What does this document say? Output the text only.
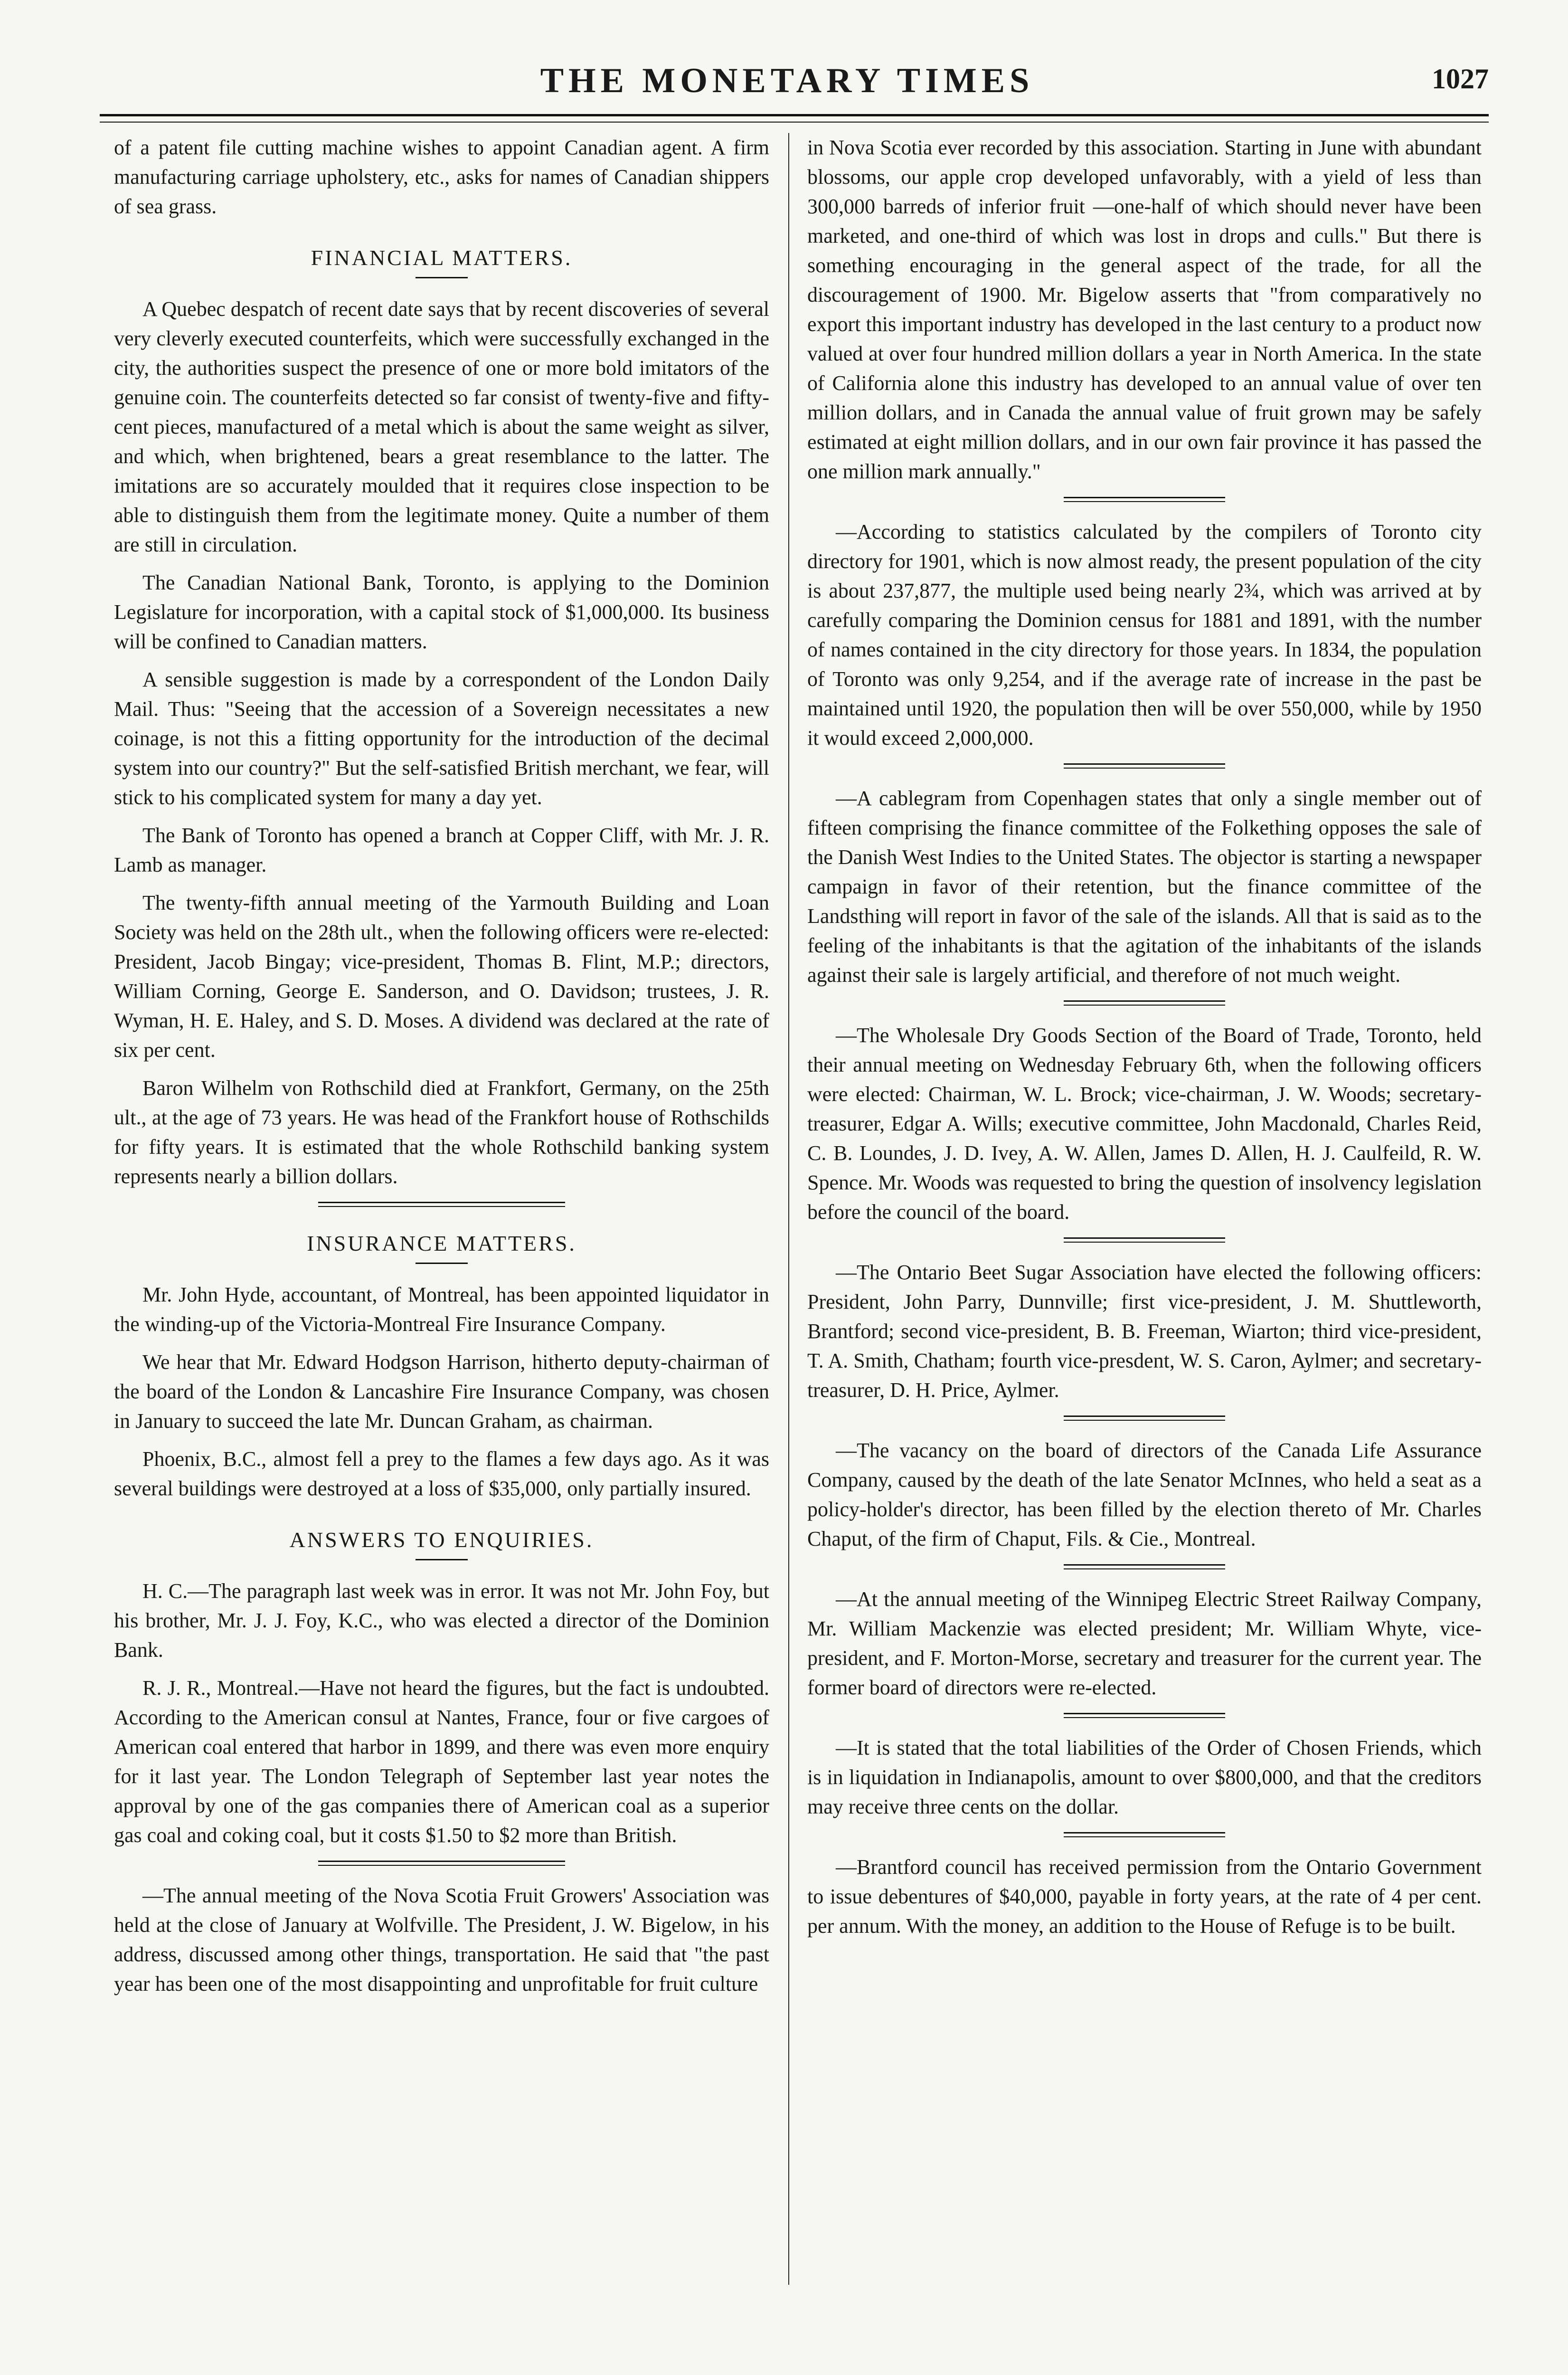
THE MONETARY TIMES	1027

of a patent file cutting machine wishes to appoint Canadian agent. A firm manufacturing carriage upholstery, etc., asks for names of Canadian shippers of sea grass.

FINANCIAL MATTERS.

A Quebec despatch of recent date says that by recent discoveries of several very cleverly executed counterfeits, which were successfully exchanged in the city, the authorities suspect the presence of one or more bold imitators of the genuine coin. The counterfeits detected so far consist of twenty-five and fifty-cent pieces, manufactured of a metal which is about the same weight as silver, and which, when brightened, bears a great resemblance to the latter. The imitations are so accurately moulded that it requires close inspection to be able to distinguish them from the legitimate money. Quite a number of them are still in circulation.

The Canadian National Bank, Toronto, is applying to the Dominion Legislature for incorporation, with a capital stock of $1,000,000. Its business will be confined to Canadian matters.

A sensible suggestion is made by a correspondent of the London Daily Mail. Thus: "Seeing that the accession of a Sovereign necessitates a new coinage, is not this a fitting opportunity for the introduction of the decimal system into our country?" But the self-satisfied British merchant, we fear, will stick to his complicated system for many a day yet.

The Bank of Toronto has opened a branch at Copper Cliff, with Mr. J. R. Lamb as manager.

The twenty-fifth annual meeting of the Yarmouth Building and Loan Society was held on the 28th ult., when the following officers were re-elected: President, Jacob Bingay; vice-president, Thomas B. Flint, M.P.; directors, William Corning, George E. Sanderson, and O. Davidson; trustees, J. R. Wyman, H. E. Haley, and S. D. Moses. A dividend was declared at the rate of six per cent.

Baron Wilhelm von Rothschild died at Frankfort, Germany, on the 25th ult., at the age of 73 years. He was head of the Frankfort house of Rothschilds for fifty years. It is estimated that the whole Rothschild banking system represents nearly a billion dollars.

INSURANCE MATTERS.

Mr. John Hyde, accountant, of Montreal, has been appointed liquidator in the winding-up of the Victoria-Montreal Fire Insurance Company.

We hear that Mr. Edward Hodgson Harrison, hitherto deputy-chairman of the board of the London & Lancashire Fire Insurance Company, was chosen in January to succeed the late Mr. Duncan Graham, as chairman.

Phoenix, B.C., almost fell a prey to the flames a few days ago. As it was several buildings were destroyed at a loss of $35,000, only partially insured.

ANSWERS TO ENQUIRIES.

H. C.—The paragraph last week was in error. It was not Mr. John Foy, but his brother, Mr. J. J. Foy, K.C., who was elected a director of the Dominion Bank.

R. J. R., Montreal.—Have not heard the figures, but the fact is undoubted. According to the American consul at Nantes, France, four or five cargoes of American coal entered that harbor in 1899, and there was even more enquiry for it last year. The London Telegraph of September last year notes the approval by one of the gas companies there of American coal as a superior gas coal and coking coal, but it costs $1.50 to $2 more than British.

—The annual meeting of the Nova Scotia Fruit Growers' Association was held at the close of January at Wolfville. The President, J. W. Bigelow, in his address, discussed among other things, transportation. He said that "the past year has been one of the most disappointing and unprofitable for fruit culture

in Nova Scotia ever recorded by this association. Starting in June with abundant blossoms, our apple crop developed unfavorably, with a yield of less than 300,000 barreds of inferior fruit —one-half of which should never have been marketed, and one-third of which was lost in drops and culls." But there is something encouraging in the general aspect of the trade, for all the discouragement of 1900. Mr. Bigelow asserts that "from comparatively no export this important industry has developed in the last century to a product now valued at over four hundred million dollars a year in North America. In the state of California alone this industry has developed to an annual value of over ten million dollars, and in Canada the annual value of fruit grown may be safely estimated at eight million dollars, and in our own fair province it has passed the one million mark annually."

—According to statistics calculated by the compilers of Toronto city directory for 1901, which is now almost ready, the present population of the city is about 237,877, the multiple used being nearly 2¾, which was arrived at by carefully comparing the Dominion census for 1881 and 1891, with the number of names contained in the city directory for those years. In 1834, the population of Toronto was only 9,254, and if the average rate of increase in the past be maintained until 1920, the population then will be over 550,000, while by 1950 it would exceed 2,000,000.

—A cablegram from Copenhagen states that only a single member out of fifteen comprising the finance committee of the Folkething opposes the sale of the Danish West Indies to the United States. The objector is starting a newspaper campaign in favor of their retention, but the finance committee of the Landsthing will report in favor of the sale of the islands. All that is said as to the feeling of the inhabitants is that the agitation of the inhabitants of the islands against their sale is largely artificial, and therefore of not much weight.

—The Wholesale Dry Goods Section of the Board of Trade, Toronto, held their annual meeting on Wednesday February 6th, when the following officers were elected: Chairman, W. L. Brock; vice-chairman, J. W. Woods; secretary-treasurer, Edgar A. Wills; executive committee, John Macdonald, Charles Reid, C. B. Loundes, J. D. Ivey, A. W. Allen, James D. Allen, H. J. Caulfeild, R. W. Spence. Mr. Woods was requested to bring the question of insolvency legislation before the council of the board.

—The Ontario Beet Sugar Association have elected the following officers: President, John Parry, Dunnville; first vice-president, J. M. Shuttleworth, Brantford; second vice-president, B. B. Freeman, Wiarton; third vice-president, T. A. Smith, Chatham; fourth vice-presdent, W. S. Caron, Aylmer; and secretary-treasurer, D. H. Price, Aylmer.

—The vacancy on the board of directors of the Canada Life Assurance Company, caused by the death of the late Senator McInnes, who held a seat as a policy-holder's director, has been filled by the election thereto of Mr. Charles Chaput, of the firm of Chaput, Fils. & Cie., Montreal.

—At the annual meeting of the Winnipeg Electric Street Railway Company, Mr. William Mackenzie was elected president; Mr. William Whyte, vice-president, and F. Morton-Morse, secretary and treasurer for the current year. The former board of directors were re-elected.

—It is stated that the total liabilities of the Order of Chosen Friends, which is in liquidation in Indianapolis, amount to over $800,000, and that the creditors may receive three cents on the dollar.

—Brantford council has received permission from the Ontario Government to issue debentures of $40,000, payable in forty years, at the rate of 4 per cent. per annum. With the money, an addition to the House of Refuge is to be built.
